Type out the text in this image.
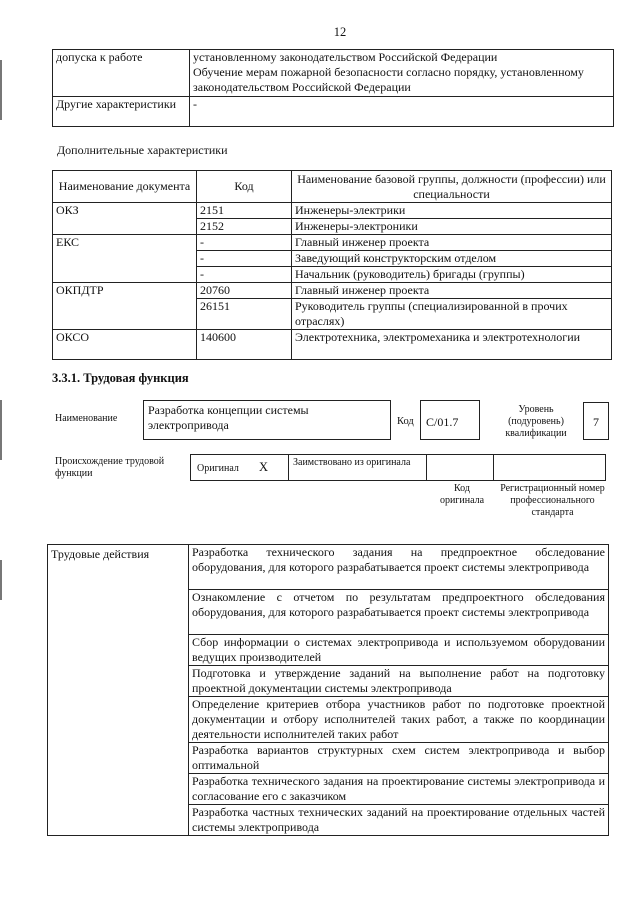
12
допуска к работе	установленному законодательством Российской Федерации
Обучение мерам пожарной безопасности согласно порядку, установленному законодательством Российской Федерации

Другие характеристики	-
Дополнительные характеристики
Наименование документа	Код	Наименование базовой группы, должности (профессии) или специальности
ОКЗ	2151	Инженеры-электрики
	2152	Инженеры-электроники
ЕКС	-	Главный инженер проекта
	-	Заведующий конструкторским отделом
	-	Начальник (руководитель) бригады (группы)
ОКПДТР	20760	Главный инженер проекта
	26151	Руководитель группы (специализированной в прочих отраслях)
ОКСО	140600	Электротехника, электромеханика и электротехнологии
3.3.1. Трудовая функция
Наименование
Разработка концепции системы электропривода	Код	C/01.7
Уровень (подуровень) квалификации
7
Происхождение трудовой функции	Оригинал X Заимствовано из оригинала
Код оригинала
Регистрационный номер профессионального стандарта
Трудовые действия	Разработка технического задания на предпроектное обследование оборудования, для которого разрабатывается проект системы электропривода
Ознакомление с отчетом по результатам предпроектного обследования оборудования, для которого разрабатывается проект системы электропривода
Сбор информации о системах электропривода и используемом оборудовании ведущих производителей
Подготовка и утверждение заданий на выполнение работ на подготовку проектной документации системы электропривода
Определение критериев отбора участников работ по подготовке проектной документации и отбору исполнителей таких работ, а также по координации деятельности исполнителей таких работ
Разработка вариантов структурных схем систем электропривода и выбор оптимальной
Разработка технического задания на проектирование системы электропривода и согласование его с заказчиком
Разработка частных технических заданий на проектирование отдельных частей системы электропривода
